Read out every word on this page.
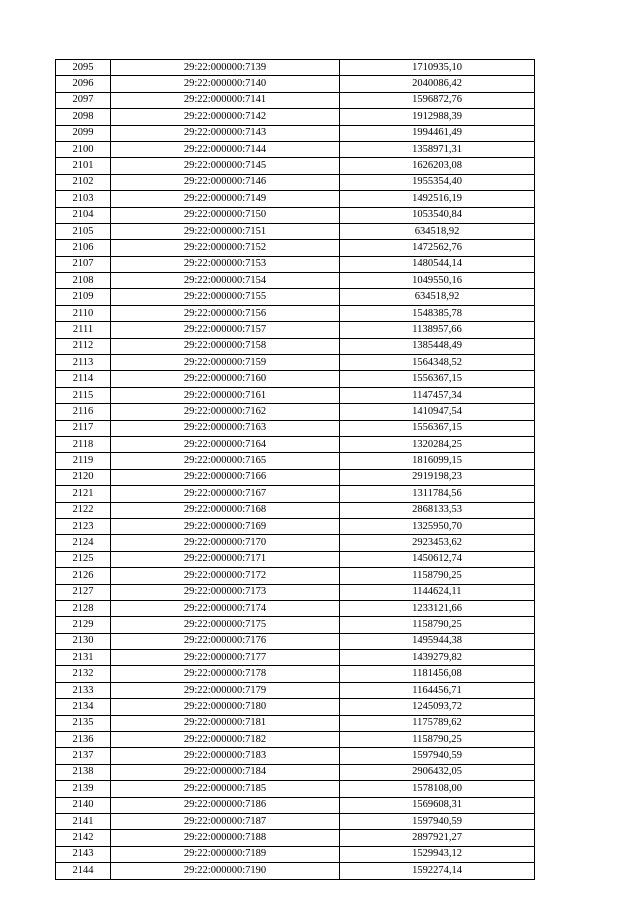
2095	29:22:000000:7139	1710935,10
2096	29:22:000000:7140	2040086,42
2097	29:22:000000:7141	1596872,76
2098	29:22:000000:7142	1912988,39
2099	29:22:000000:7143	1994461,49
2100	29:22:000000:7144	1358971,31
2101	29:22:000000:7145	1626203,08
2102	29:22:000000:7146	1955354,40
2103	29:22:000000:7149	1492516,19
2104	29:22:000000:7150	1053540,84
2105	29:22:000000:7151	634518,92
2106	29:22:000000:7152	1472562,76
2107	29:22:000000:7153	1480544,14
2108	29:22:000000:7154	1049550,16
2109	29:22:000000:7155	634518,92
2110	29:22:000000:7156	1548385,78
2111	29:22:000000:7157	1138957,66
2112	29:22:000000:7158	1385448,49
2113	29:22:000000:7159	1564348,52
2114	29:22:000000:7160	1556367,15
2115	29:22:000000:7161	1147457,34
2116	29:22:000000:7162	1410947,54
2117	29:22:000000:7163	1556367,15
2118	29:22:000000:7164	1320284,25
2119	29:22:000000:7165	1816099,15
2120	29:22:000000:7166	2919198,23
2121	29:22:000000:7167	1311784,56
2122	29:22:000000:7168	2868133,53
2123	29:22:000000:7169	1325950,70
2124	29:22:000000:7170	2923453,62
2125	29:22:000000:7171	1450612,74
2126	29:22:000000:7172	1158790,25
2127	29:22:000000:7173	1144624,11
2128	29:22:000000:7174	1233121,66
2129	29:22:000000:7175	1158790,25
2130	29:22:000000:7176	1495944,38
2131	29:22:000000:7177	1439279,82
2132	29:22:000000:7178	1181456,08
2133	29:22:000000:7179	1164456,71
2134	29:22:000000:7180	1245093,72
2135	29:22:000000:7181	1175789,62
2136	29:22:000000:7182	1158790,25
2137	29:22:000000:7183	1597940,59
2138	29:22:000000:7184	2906432,05
2139	29:22:000000:7185	1578108,00
2140	29:22:000000:7186	1569608,31
2141	29:22:000000:7187	1597940,59
2142	29:22:000000:7188	2897921,27
2143	29:22:000000:7189	1529943,12
2144	29:22:000000:7190	1592274,14
